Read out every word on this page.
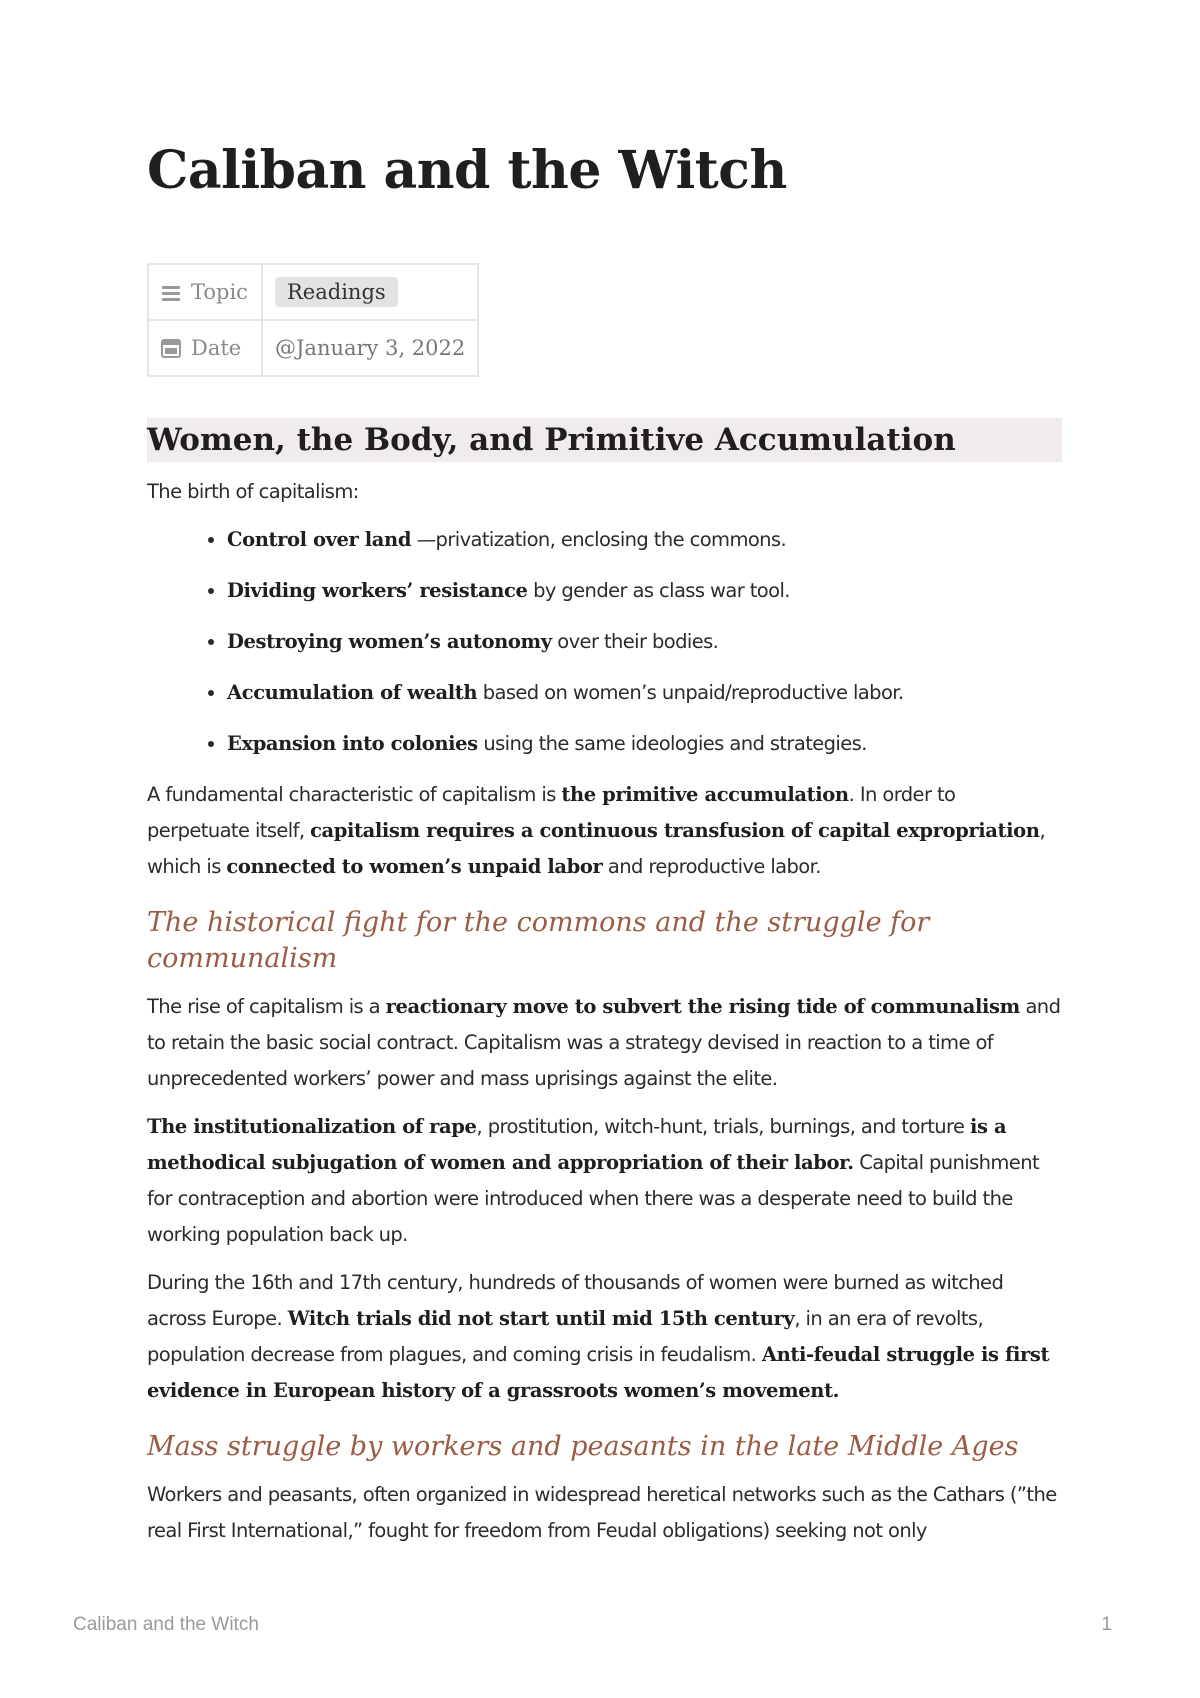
Caliban and the Witch
Topic	Readings
Date	@January 3, 2022
Women, the Body, and Primitive Accumulation

The birth of capitalism:

• Control over land —privatization, enclosing the commons.
• Dividing workers’ resistance by gender as class war tool.
• Destroying women’s autonomy over their bodies.
• Accumulation of wealth based on women’s unpaid/reproductive labor.
• Expansion into colonies using the same ideologies and strategies.

A fundamental characteristic of capitalism is the primitive accumulation. In order to perpetuate itself, capitalism requires a continuous transfusion of capital expropriation, which is connected to women’s unpaid labor and reproductive labor.

The historical fight for the commons and the struggle for communalism

The rise of capitalism is a reactionary move to subvert the rising tide of communalism and to retain the basic social contract. Capitalism was a strategy devised in reaction to a time of unprecedented workers’ power and mass uprisings against the elite.

The institutionalization of rape, prostitution, witch-hunt, trials, burnings, and torture is a methodical subjugation of women and appropriation of their labor. Capital punishment for contraception and abortion were introduced when there was a desperate need to build the working population back up.

During the 16th and 17th century, hundreds of thousands of women were burned as witched across Europe. Witch trials did not start until mid 15th century, in an era of revolts, population decrease from plagues, and coming crisis in feudalism. Anti-feudal struggle is first evidence in European history of a grassroots women’s movement.

Mass struggle by workers and peasants in the late Middle Ages

Workers and peasants, often organized in widespread heretical networks such as the Cathars (”the real First International,” fought for freedom from Feudal obligations) seeking not only

Caliban and the Witch	1
